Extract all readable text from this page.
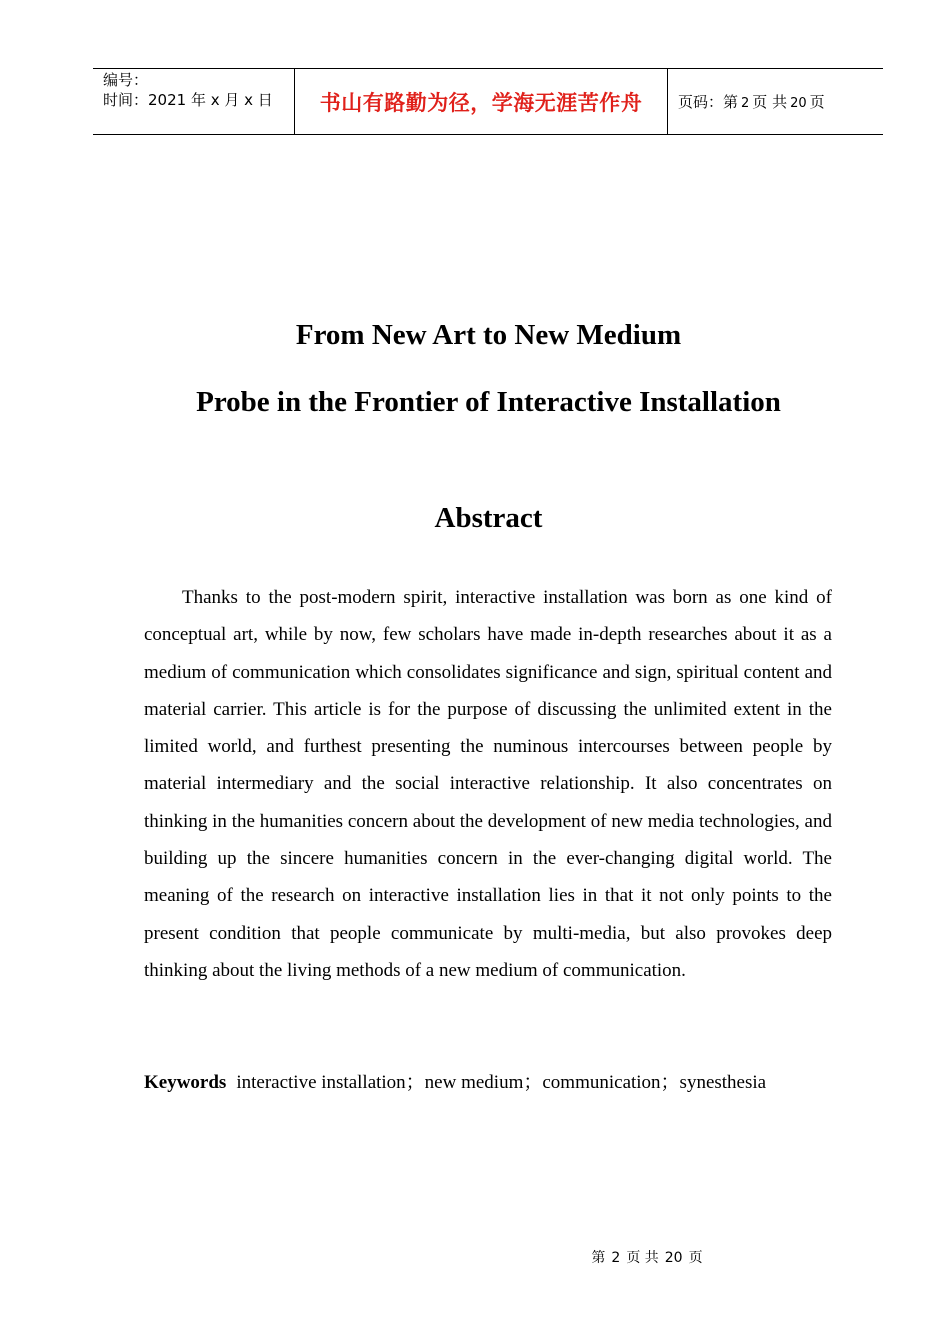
编号：
时间：2021 年 x 月 x 日 书山有路勤为径，学海无涯苦作舟 页码：第 2 页 共 20 页
From New Art to New Medium
Probe in the Frontier of Interactive Installation
Abstract

Thanks to the post-modern spirit, interactive installation was born as one kind of conceptual art, while by now, few scholars have made in-depth researches about it as a medium of communication which consolidates significance and sign, spiritual content and material carrier. This article is for the purpose of discussing the unlimited extent in the limited world, and furthest presenting the numinous intercourses between people by material intermediary and the social interactive relationship. It also concentrates on thinking in the humanities concern about the development of new media technologies, and building up the sincere humanities concern in the ever-changing digital world. The meaning of the research on interactive installation lies in that it not only points to the present condition that people communicate by multi-media, but also provokes deep thinking about the living methods of a new medium of communication.

Keywords interactive installation；new medium；communication；synesthesia
第 2 页 共 20 页
